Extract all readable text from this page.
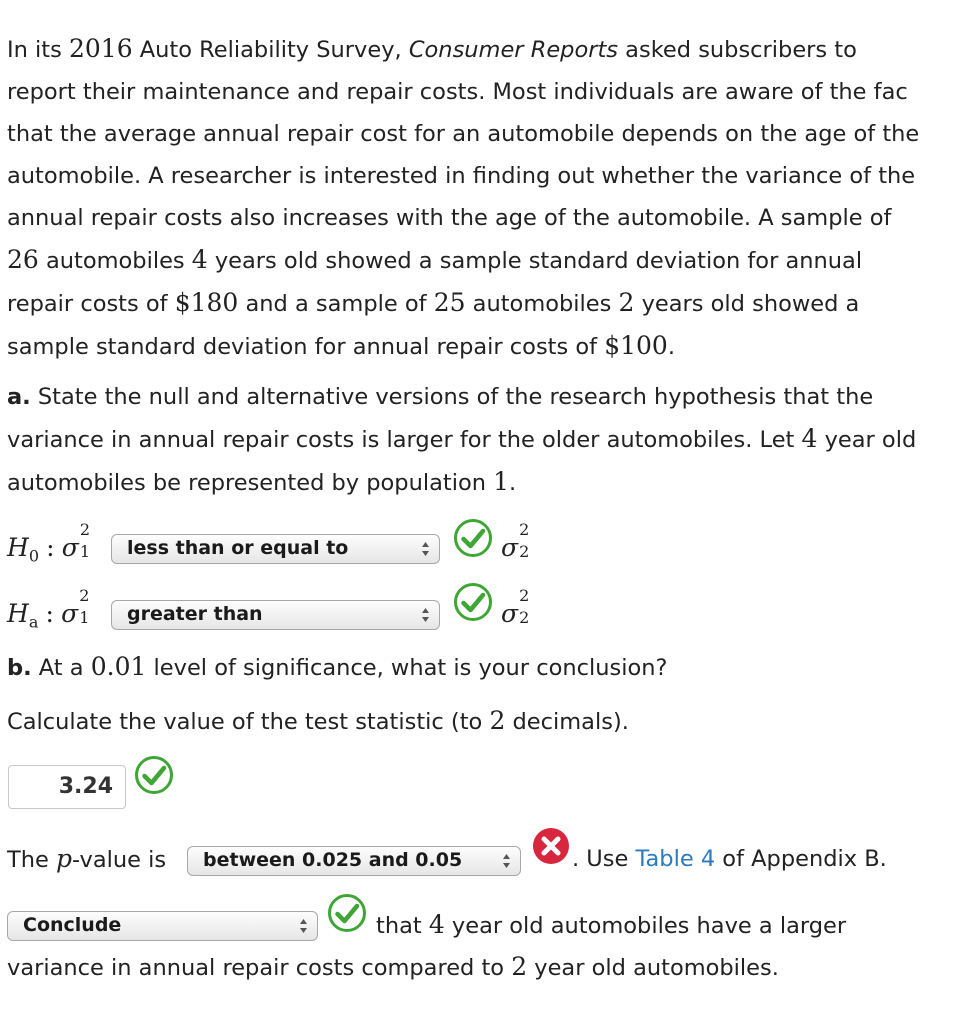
In its 2016 Auto Reliability Survey, Consumer Reports asked subscribers to
report their maintenance and repair costs. Most individuals are aware of the fac
that the average annual repair cost for an automobile depends on the age of the
automobile. A researcher is interested in finding out whether the variance of the
annual repair costs also increases with the age of the automobile. A sample of
26 automobiles 4 years old showed a sample standard deviation for annual
repair costs of $180 and a sample of 25 automobiles 2 years old showed a
sample standard deviation for annual repair costs of $100.
a. State the null and alternative versions of the research hypothesis that the
variance in annual repair costs is larger for the older automobiles. Let 4 year old
automobiles be represented by population 1.
$H_0$ : σ
2
1	less than or equal to	σ
2
2
$H_a$ : σ
2
1	greater than	σ
2
2
b. At a 0.01 level of significance, what is your conclusion?
Calculate the value of the test statistic (to 2 decimals).
3.24
The p-value is	between 0.025 and 0.05	. Use Table 4 of Appendix B.
Conclude	that 4 year old automobiles have a larger
variance in annual repair costs compared to 2 year old automobiles.
